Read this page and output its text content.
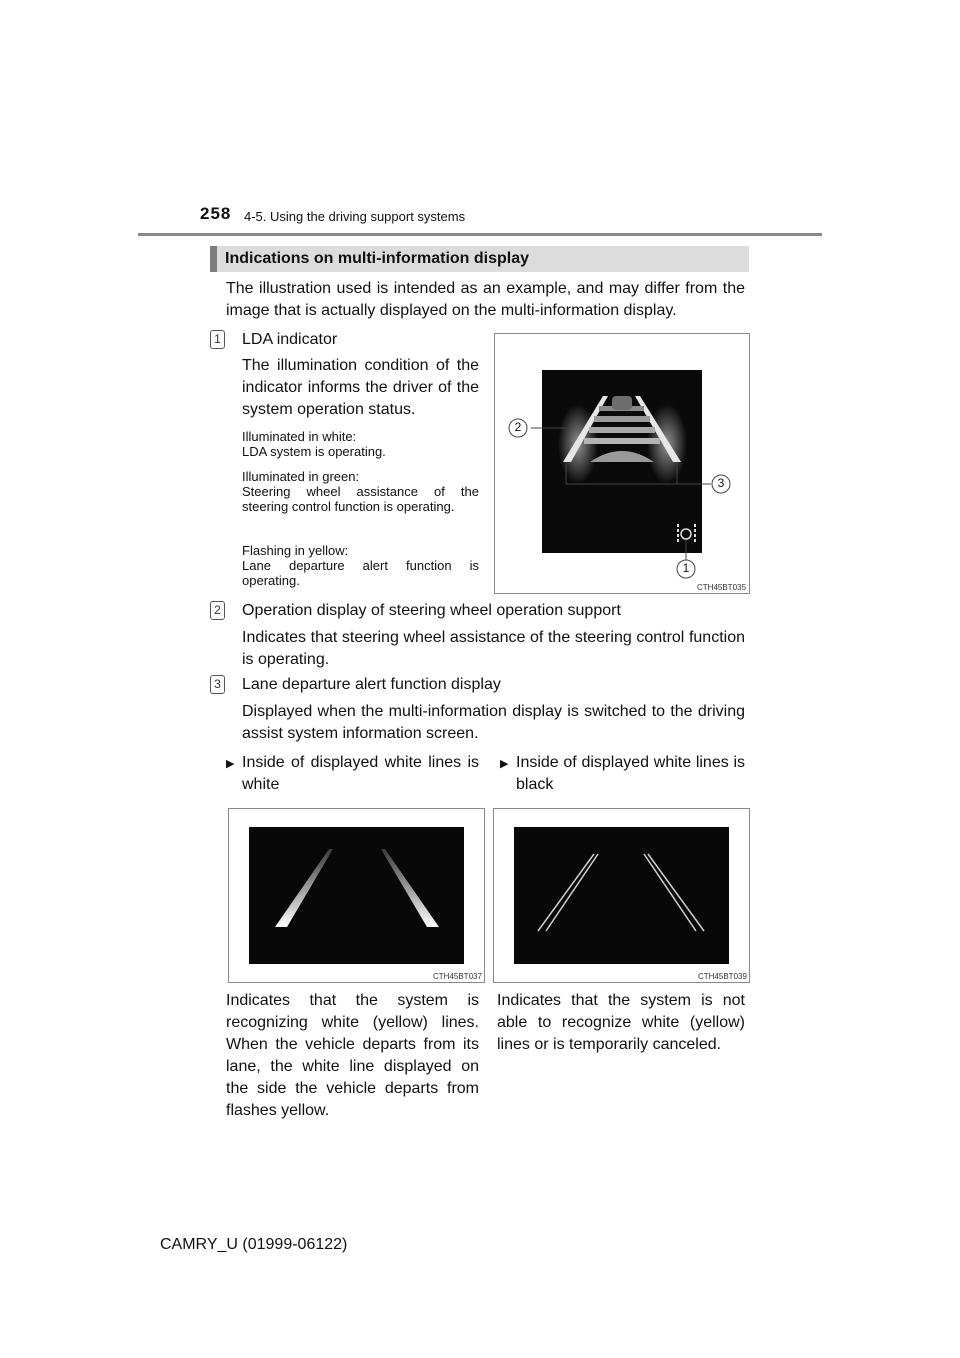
258 4-5. Using the driving support systems
Indications on multi-information display
The illustration used is intended as an example, and may differ from the image that is actually displayed on the multi-information display.
1 LDA indicator
The illumination condition of the indicator informs the driver of the system operation status.
Illuminated in white:
LDA system is operating.
Illuminated in green:
Steering wheel assistance of the steering control function is operating.
Flashing in yellow:
Lane departure alert function is operating.
2
3
1
CTH45BT035
2 Operation display of steering wheel operation support
Indicates that steering wheel assistance of the steering control function is operating.
3 Lane departure alert function display
Displayed when the multi-information display is switched to the driving assist system information screen.
▶ Inside of displayed white lines is white
▶ Inside of displayed white lines is black
CTH45BT037	CTH45BT039
Indicates that the system is recognizing white (yellow) lines. When the vehicle departs from its lane, the white line displayed on the side the vehicle departs from flashes yellow.
Indicates that the system is not able to recognize white (yellow) lines or is temporarily canceled.
CAMRY_U (01999-06122)
